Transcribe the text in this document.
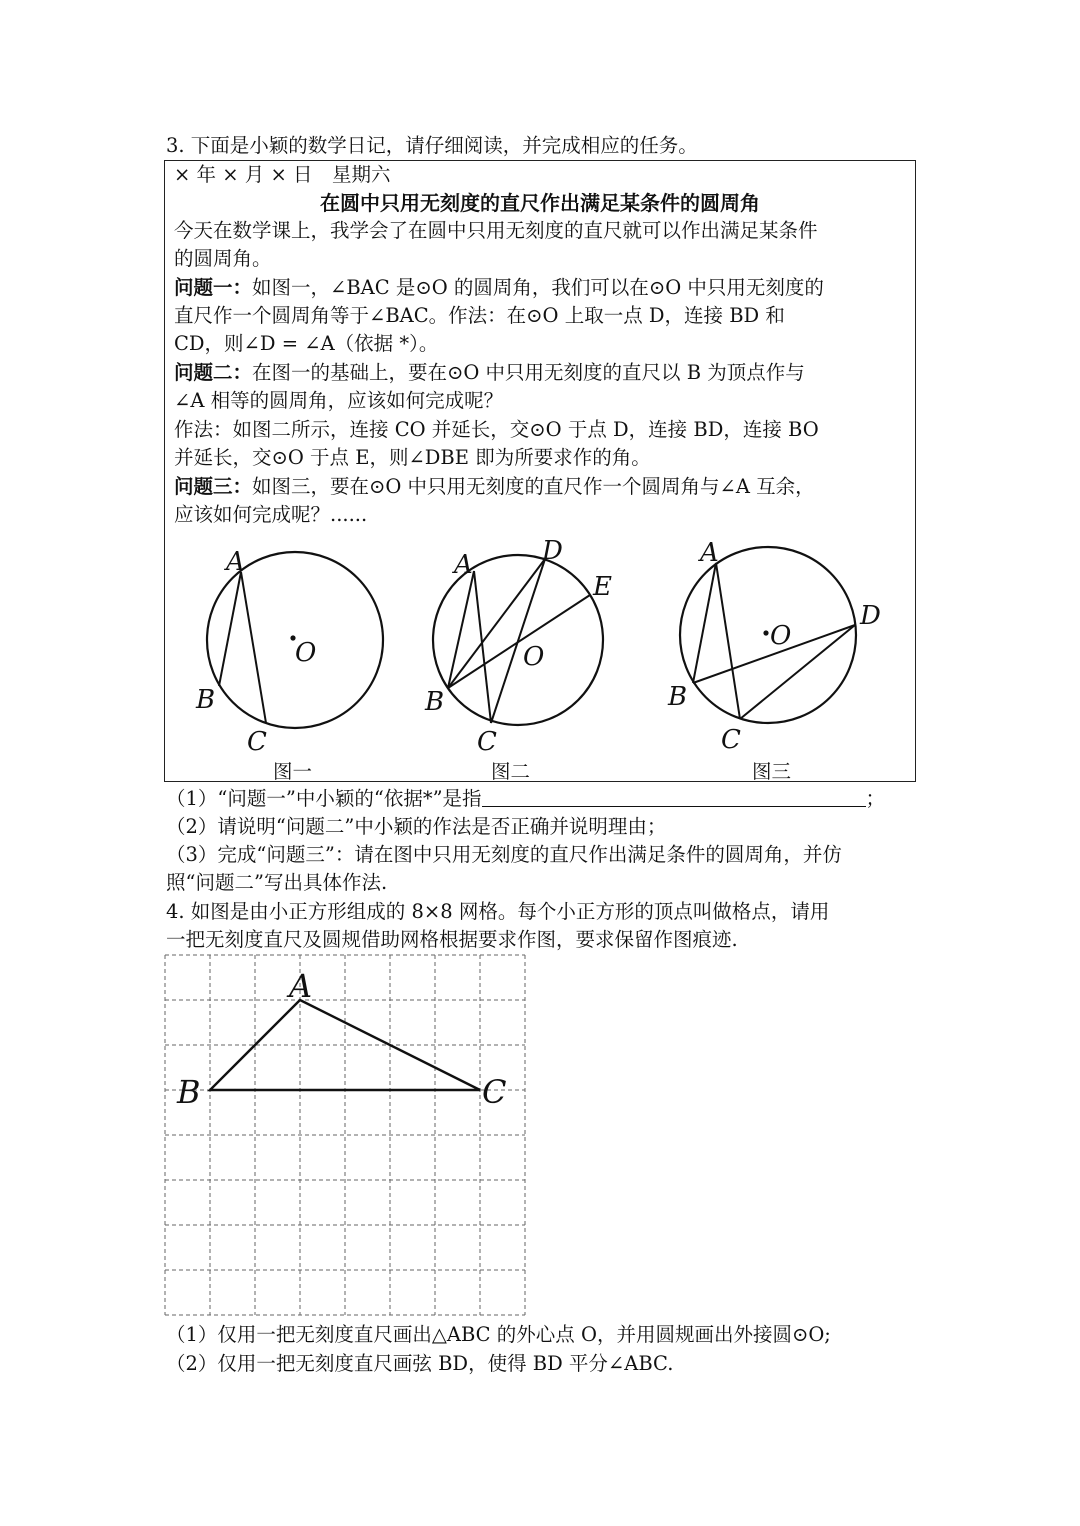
3. 下面是小颖的数学日记，请仔细阅读，并完成相应的任务。
× 年 × 月 × 日　星期六
在圆中只用无刻度的直尺作出满足某条件的圆周角
今天在数学课上，我学会了在圆中只用无刻度的直尺就可以作出满足某条件
的圆周角。
问题一：如图一，∠BAC 是⊙O 的圆周角，我们可以在⊙O 中只用无刻度的
直尺作一个圆周角等于∠BAC。作法：在⊙O 上取一点 D，连接 BD 和
CD，则∠D = ∠A（依据 *）。
问题二：在图一的基础上，要在⊙O 中只用无刻度的直尺以 B 为顶点作与
∠A 相等的圆周角，应该如何完成呢？
作法：如图二所示，连接 CO 并延长，交⊙O 于点 D，连接 BD，连接 BO
并延长，交⊙O 于点 E，则∠DBE 即为所要求作的角。
问题三：如图三，要在⊙O 中只用无刻度的直尺作一个圆周角与∠A 互余，
应该如何完成呢？......
A
O
B
C
D
A
E
O
B
C
A
O
D
B
C
图一	图二	图三
（1）“问题一”中小颖的“依据*”是指	；
（2）请说明“问题二”中小颖的作法是否正确并说明理由；
（3）完成“问题三”：请在图中只用无刻度的直尺作出满足条件的圆周角，并仿
照“问题二”写出具体作法.
4. 如图是由小正方形组成的 8×8 网格。每个小正方形的顶点叫做格点，请用
一把无刻度直尺及圆规借助网格根据要求作图，要求保留作图痕迹.
A
B	C
（1）仅用一把无刻度直尺画出△ABC 的外心点 O，并用圆规画出外接圆⊙O;
（2）仅用一把无刻度直尺画弦 BD，使得 BD 平分∠ABC.
